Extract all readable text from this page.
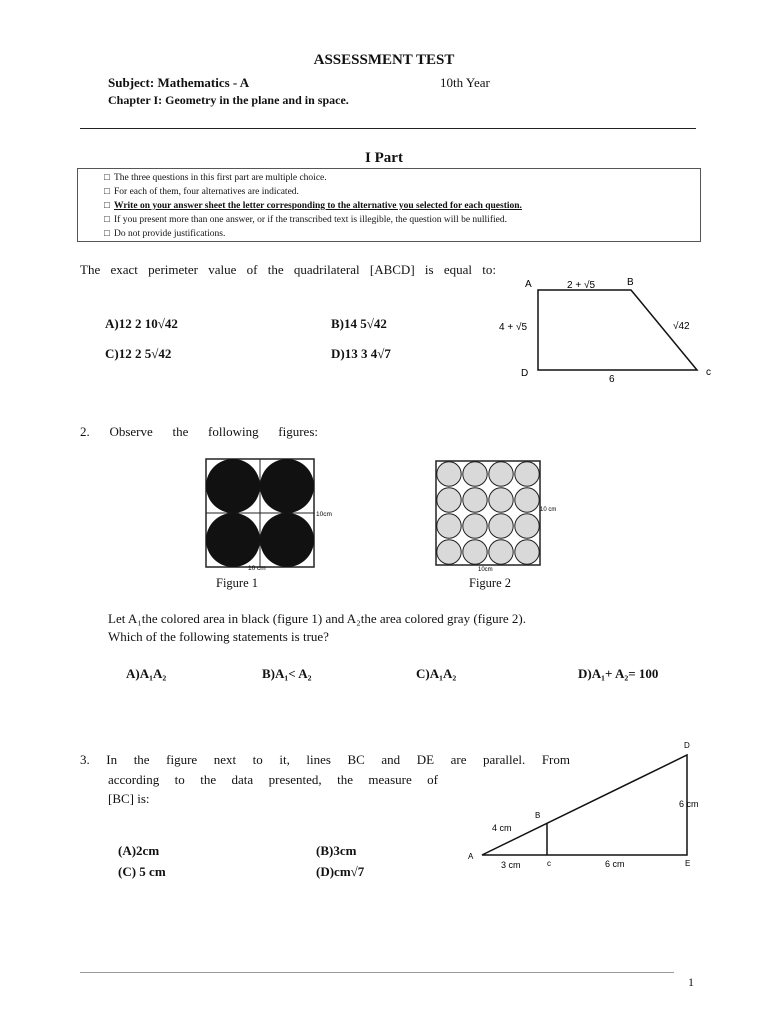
ASSESSMENT TEST
Subject: Mathematics - A	10th Year
Chapter I: Geometry in the plane and in space.
I Part
□ The three questions in this first part are multiple choice.
□ For each of them, four alternatives are indicated.
□ Write on your answer sheet the letter corresponding to the alternative you selected for each question.
□ If you present more than one answer, or if the transcribed text is illegible, the question will be nullified.
□ Do not provide justifications.
The exact perimeter value of the quadrilateral [ABCD] is equal to:
A)12 2 10√42	B)14 5√42
C)12 2 5√42	D)13 3 4√7
A	B
c
D
2 + √5
4 + √5	√42
6
2. Observe the following figures:
10cm
10 cm
Figure 1
10 cm
10cm
Figure 2
Let A₁the colored area in black (figure 1) and A₂the area colored gray (figure 2).
Which of the following statements is true?
A)A₁A₂	B)A₁< A₂	C)A₁A₂	D)A₁+ A₂= 100
3. In the figure next to it, lines BC and DE are parallel. From
according to the data presented, the measure of
[BC] is:
(A)2cm	(B)3cm
(C) 5 cm	(D)cm√7
A
B
c
D
E
4 cm
3 cm	6 cm
6 cm
1
